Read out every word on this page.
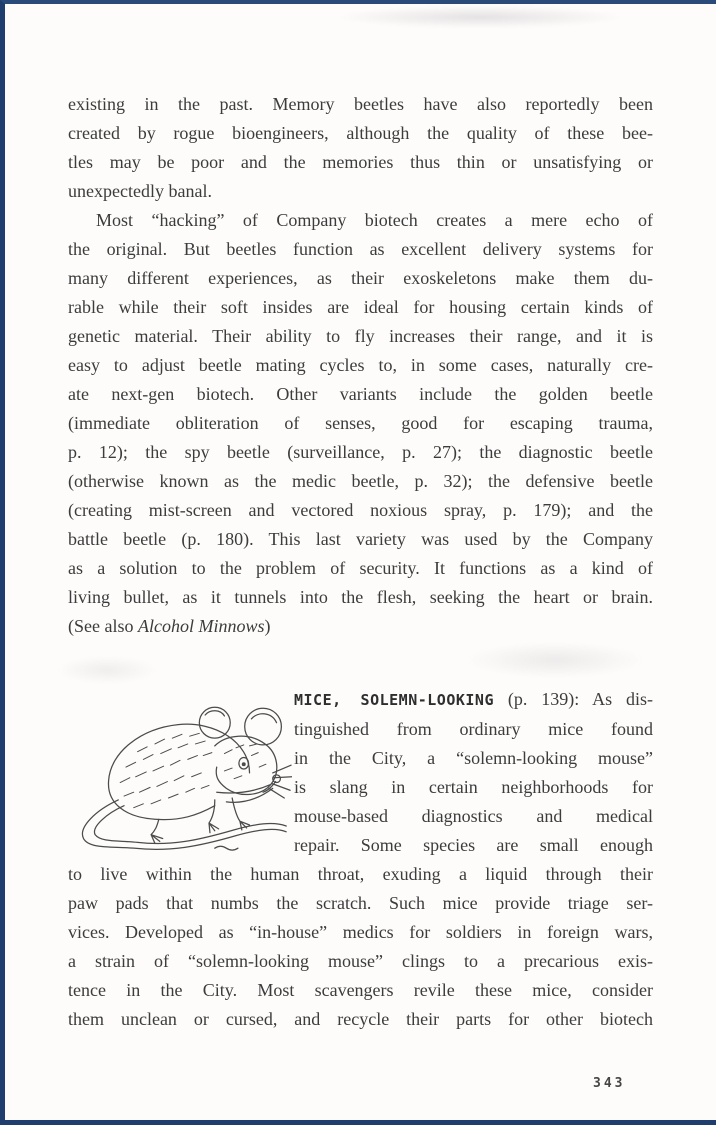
existing in the past. Memory beetles have also reportedly been
created by rogue bioengineers, although the quality of these bee-
tles may be poor and the memories thus thin or unsatisfying or
unexpectedly banal.
Most “hacking” of Company biotech creates a mere echo of
the original. But beetles function as excellent delivery systems for
many different experiences, as their exoskeletons make them du-
rable while their soft insides are ideal for housing certain kinds of
genetic material. Their ability to fly increases their range, and it is
easy to adjust beetle mating cycles to, in some cases, naturally cre-
ate next-gen biotech. Other variants include the golden beetle
(immediate obliteration of senses, good for escaping trauma,
p. 12); the spy beetle (surveillance, p. 27); the diagnostic beetle
(otherwise known as the medic beetle, p. 32); the defensive beetle
(creating mist-screen and vectored noxious spray, p. 179); and the
battle beetle (p. 180). This last variety was used by the Company
as a solution to the problem of security. It functions as a kind of
living bullet, as it tunnels into the flesh, seeking the heart or brain.
(See also Alcohol Minnows)
MICE, SOLEMN-LOOKING (p. 139): As dis-
tinguished from ordinary mice found
in the City, a “solemn-looking mouse”
is slang in certain neighborhoods for
mouse-based diagnostics and medical
repair. Some species are small enough
to live within the human throat, exuding a liquid through their
paw pads that numbs the scratch. Such mice provide triage ser-
vices. Developed as “in-house” medics for soldiers in foreign wars,
a strain of “solemn-looking mouse” clings to a precarious exis-
tence in the City. Most scavengers revile these mice, consider
them unclean or cursed, and recycle their parts for other biotech
343
